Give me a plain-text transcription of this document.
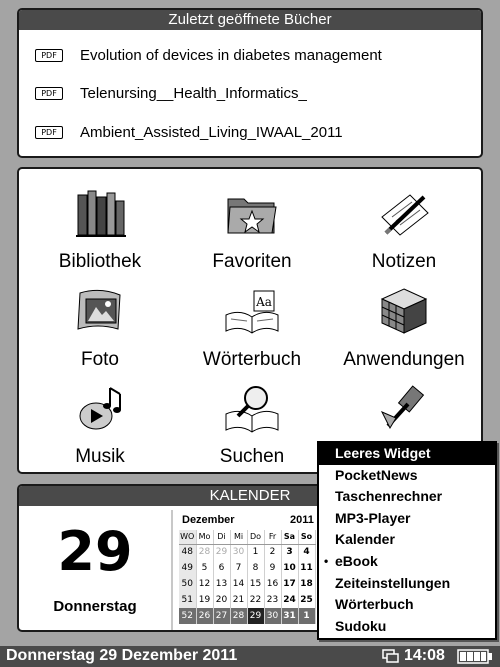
Zuletzt geöffnete Bücher
PDF	Evolution of devices in diabetes management
PDF	Telenursing__Health_Informatics_
PDF	Ambient_Assisted_Living_IWAAL_2011
Bibliothek	Favoriten	Notizen
Foto
Aa
Wörterbuch	Anwendungen
Musik	Suchen
KALENDER
29
Donnerstag
Dezember	2011
WO	Mo	Di	Mi	Do	Fr	Sa	So
48	28	29	30	1	2	3	4
49	5	6	7	8	9	10	11
50	12	13	14	15	16	17	18
51	19	20	21	22	23	24	25
52	26	27	28	29	30	31	1
Leeres Widget
PocketNews
Taschenrechner
MP3-Player
Kalender
• eBook
Zeiteinstellungen
Wörterbuch
Sudoku
Donnerstag 29 Dezember 2011	14:08
